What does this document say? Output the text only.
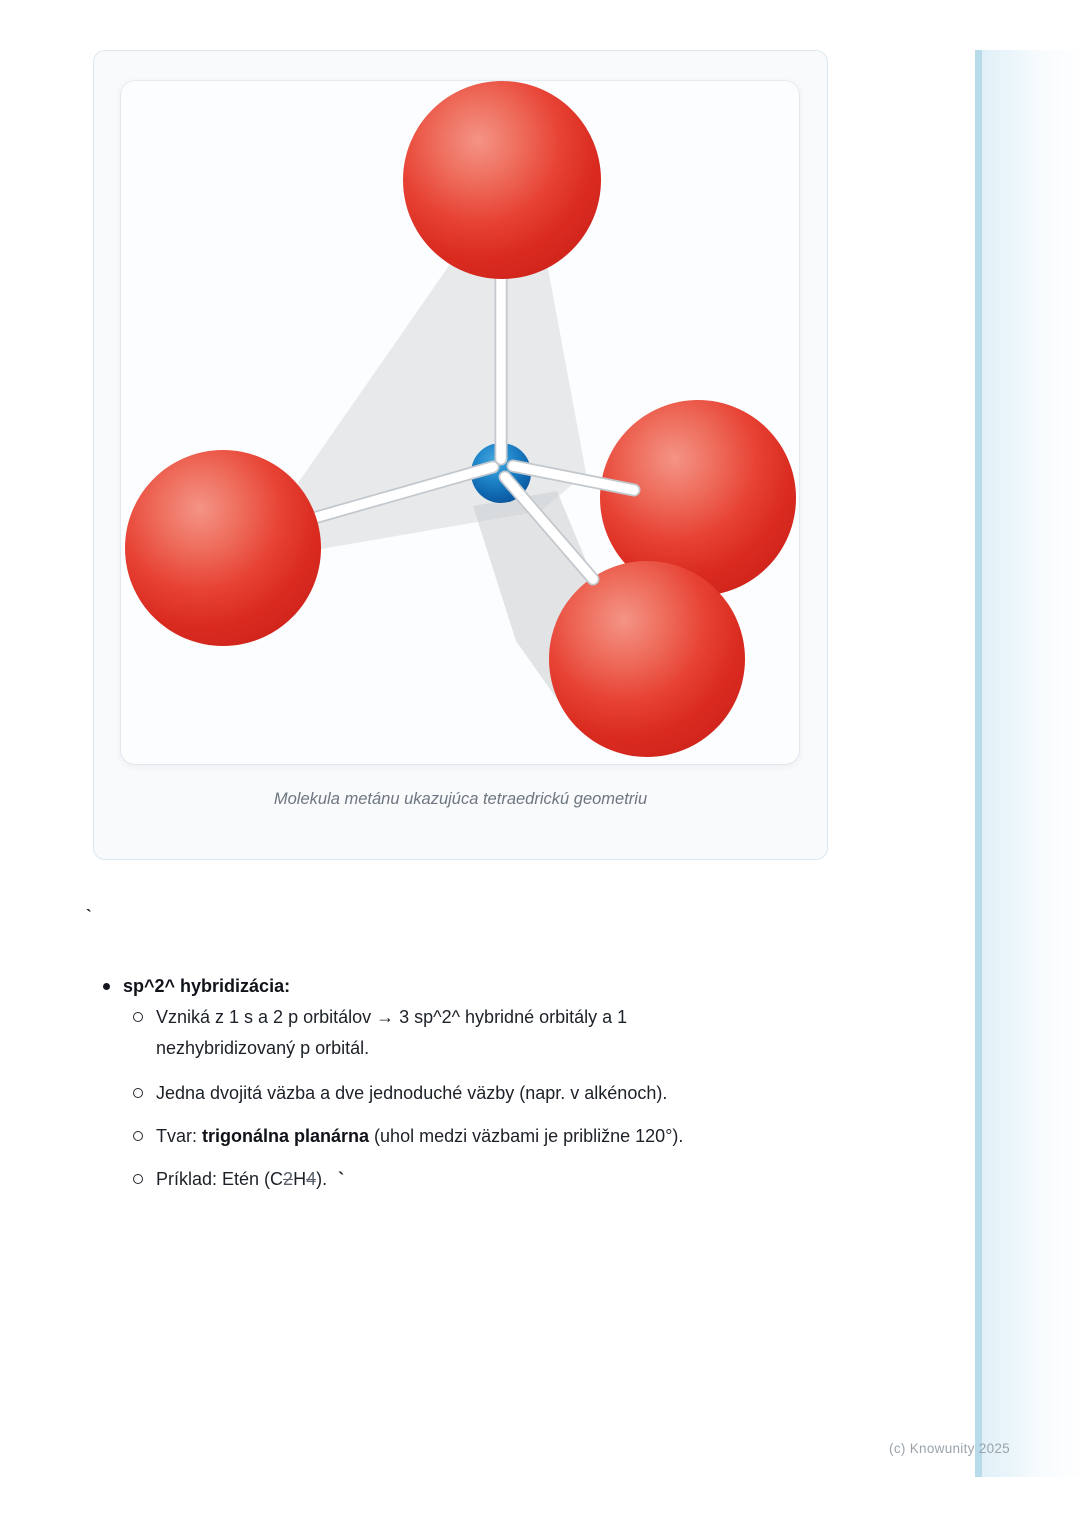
Molekula metánu ukazujúca tetraedrickú geometriu

`
sp^2^ hybridizácia:
Vzniká z 1 s a 2 p orbitálov → 3 sp^2^ hybridné orbitály a 1
nezhybridizovaný p orbitál.
Jedna dvojitá väzba a dve jednoduché väzby (napr. v alkénoch).
Tvar: trigonálna planárna (uhol medzi väzbami je približne 120°).
Príklad: Etén (C2H4). `
(c) Knowunity 2025
